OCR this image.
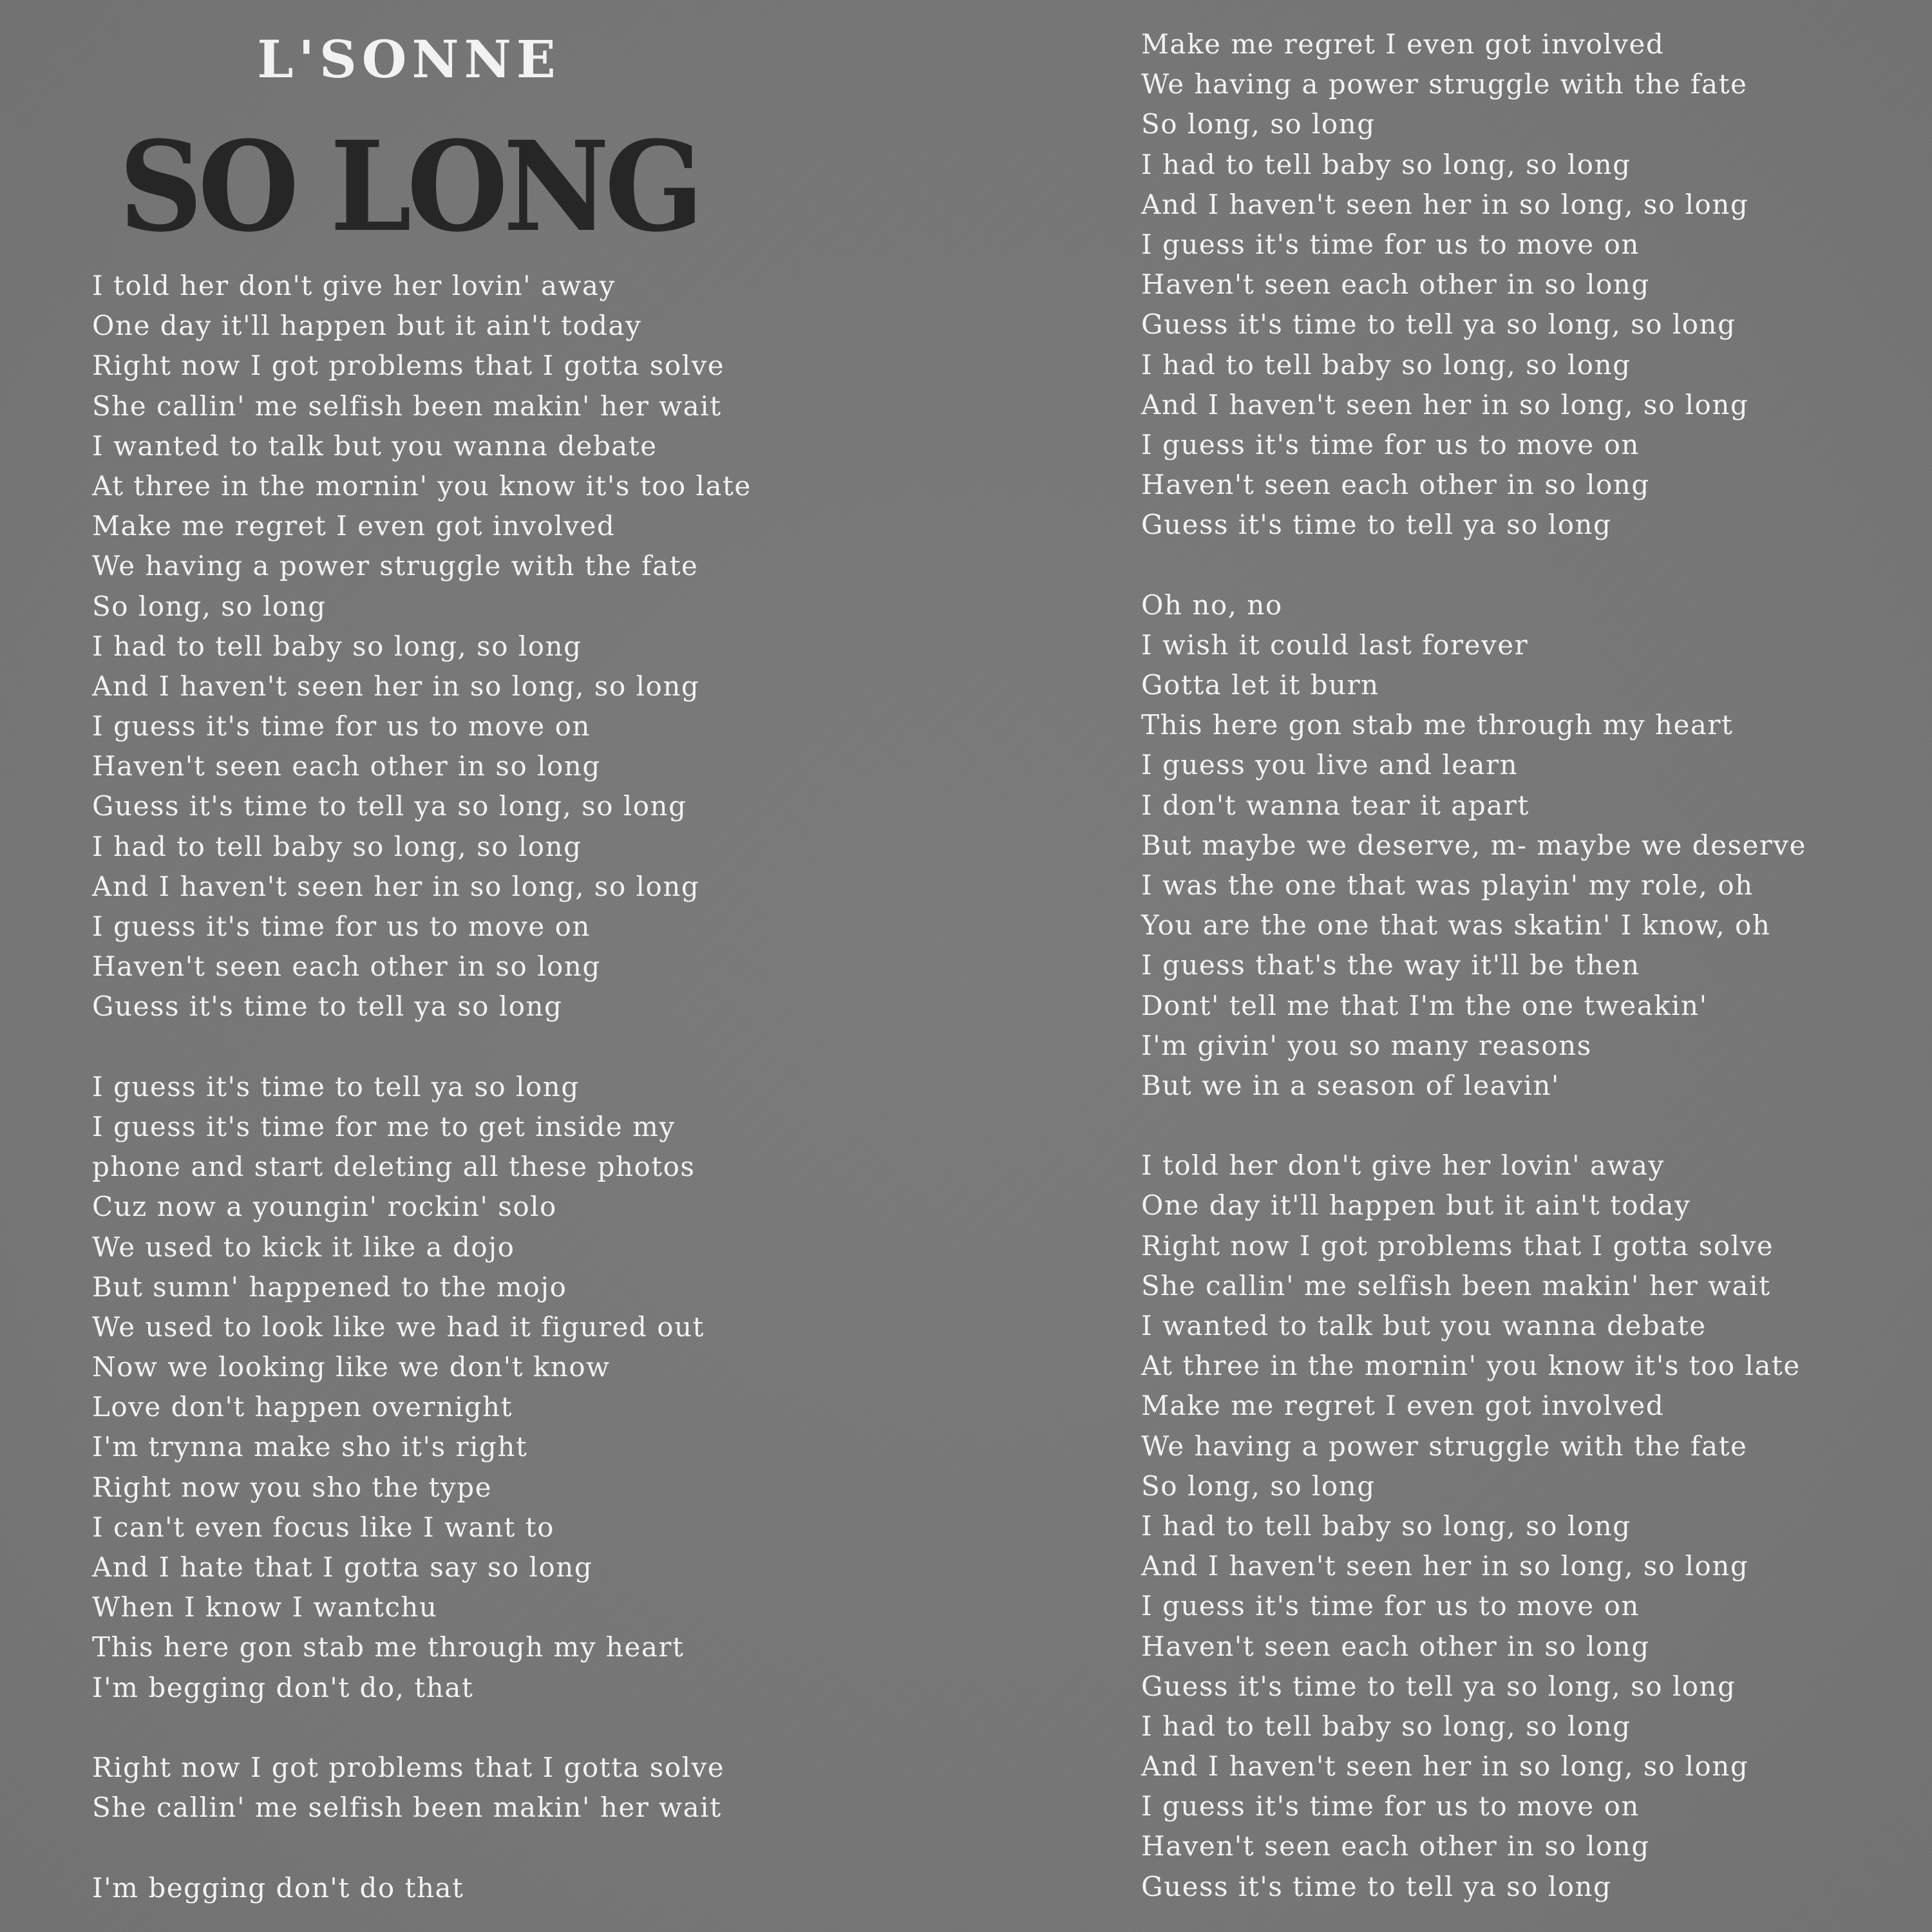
L'SONNE
SO LONG
I told her don't give her lovin' away
One day it'll happen but it ain't today
Right now I got problems that I gotta solve
She callin' me selfish been makin' her wait
I wanted to talk but you wanna debate
At three in the mornin' you know it's too late
Make me regret I even got involved
We having a power struggle with the fate
So long, so long
I had to tell baby so long, so long
And I haven't seen her in so long, so long
I guess it's time for us to move on
Haven't seen each other in so long
Guess it's time to tell ya so long, so long
I had to tell baby so long, so long
And I haven't seen her in so long, so long
I guess it's time for us to move on
Haven't seen each other in so long
Guess it's time to tell ya so long
I guess it's time to tell ya so long
I guess it's time for me to get inside my
phone and start deleting all these photos
Cuz now a youngin' rockin' solo
We used to kick it like a dojo
But sumn' happened to the mojo
We used to look like we had it figured out
Now we looking like we don't know
Love don't happen overnight
I'm trynna make sho it's right
Right now you sho the type
I can't even focus like I want to
And I hate that I gotta say so long
When I know I wantchu
This here gon stab me through my heart
I'm begging don't do, that
Right now I got problems that I gotta solve
She callin' me selfish been makin' her wait
I'm begging don't do that
Make me regret I even got involved
We having a power struggle with the fate
So long, so long
I had to tell baby so long, so long
And I haven't seen her in so long, so long
I guess it's time for us to move on
Haven't seen each other in so long
Guess it's time to tell ya so long, so long
I had to tell baby so long, so long
And I haven't seen her in so long, so long
I guess it's time for us to move on
Haven't seen each other in so long
Guess it's time to tell ya so long
Oh no, no
I wish it could last forever
Gotta let it burn
This here gon stab me through my heart
I guess you live and learn
I don't wanna tear it apart
But maybe we deserve, m- maybe we deserve
I was the one that was playin' my role, oh
You are the one that was skatin' I know, oh
I guess that's the way it'll be then
Dont' tell me that I'm the one tweakin'
I'm givin' you so many reasons
But we in a season of leavin'
I told her don't give her lovin' away
One day it'll happen but it ain't today
Right now I got problems that I gotta solve
She callin' me selfish been makin' her wait
I wanted to talk but you wanna debate
At three in the mornin' you know it's too late
Make me regret I even got involved
We having a power struggle with the fate
So long, so long
I had to tell baby so long, so long
And I haven't seen her in so long, so long
I guess it's time for us to move on
Haven't seen each other in so long
Guess it's time to tell ya so long, so long
I had to tell baby so long, so long
And I haven't seen her in so long, so long
I guess it's time for us to move on
Haven't seen each other in so long
Guess it's time to tell ya so long
